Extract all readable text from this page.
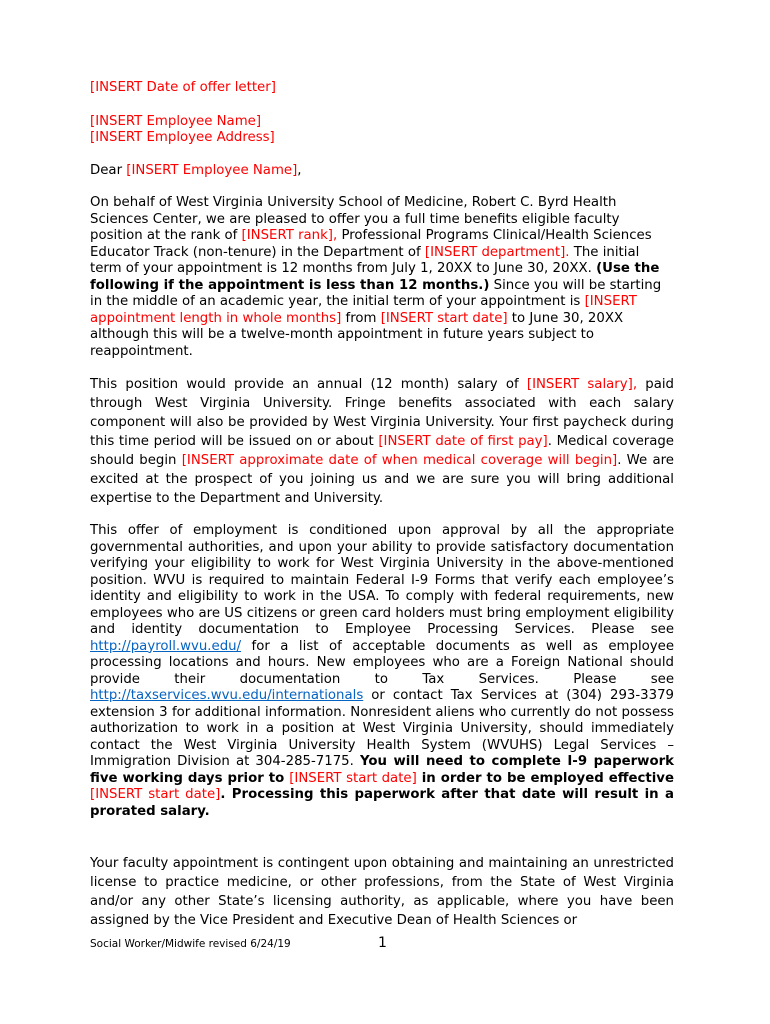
[INSERT Date of offer letter]

[INSERT Employee Name]

[INSERT Employee Address]

Dear [INSERT Employee Name],

On behalf of West Virginia University School of Medicine, Robert C. Byrd Health Sciences Center, we are pleased to offer you a full time benefits eligible faculty position at the rank of [INSERT rank], Professional Programs Clinical/Health Sciences Educator Track (non-tenure) in the Department of [INSERT department]. The initial term of your appointment is 12 months from July 1, 20XX to June 30, 20XX. (Use the following if the appointment is less than 12 months.) Since you will be starting in the middle of an academic year, the initial term of your appointment is [INSERT appointment length in whole months] from [INSERT start date] to June 30, 20XX although this will be a twelve-month appointment in future years subject to reappointment.

This position would provide an annual (12 month) salary of [INSERT salary], paid through West Virginia University. Fringe benefits associated with each salary component will also be provided by West Virginia University. Your first paycheck during this time period will be issued on or about [INSERT date of first pay]. Medical coverage should begin [INSERT approximate date of when medical coverage will begin]. We are excited at the prospect of you joining us and we are sure you will bring additional expertise to the Department and University.

This offer of employment is conditioned upon approval by all the appropriate governmental authorities, and upon your ability to provide satisfactory documentation verifying your eligibility to work for West Virginia University in the above-mentioned position. WVU is required to maintain Federal I-9 Forms that verify each employee’s identity and eligibility to work in the USA. To comply with federal requirements, new employees who are US citizens or green card holders must bring employment eligibility and identity documentation to Employee Processing Services. Please see http://payroll.wvu.edu/ for a list of acceptable documents as well as employee processing locations and hours. New employees who are a Foreign National should provide their documentation to Tax Services. Please see http://taxservices.wvu.edu/internationals or contact Tax Services at (304) 293-3379 extension 3 for additional information. Nonresident aliens who currently do not possess authorization to work in a position at West Virginia University, should immediately contact the West Virginia University Health System (WVUHS) Legal Services – Immigration Division at 304-285-7175. You will need to complete I-9 paperwork five working days prior to [INSERT start date] in order to be employed effective [INSERT start date]. Processing this paperwork after that date will result in a prorated salary.

Your faculty appointment is contingent upon obtaining and maintaining an unrestricted license to practice medicine, or other professions, from the State of West Virginia and/or any other State’s licensing authority, as applicable, where you have been assigned by the Vice President and Executive Dean of Health Sciences or

Social Worker/Midwife revised 6/24/19	1
